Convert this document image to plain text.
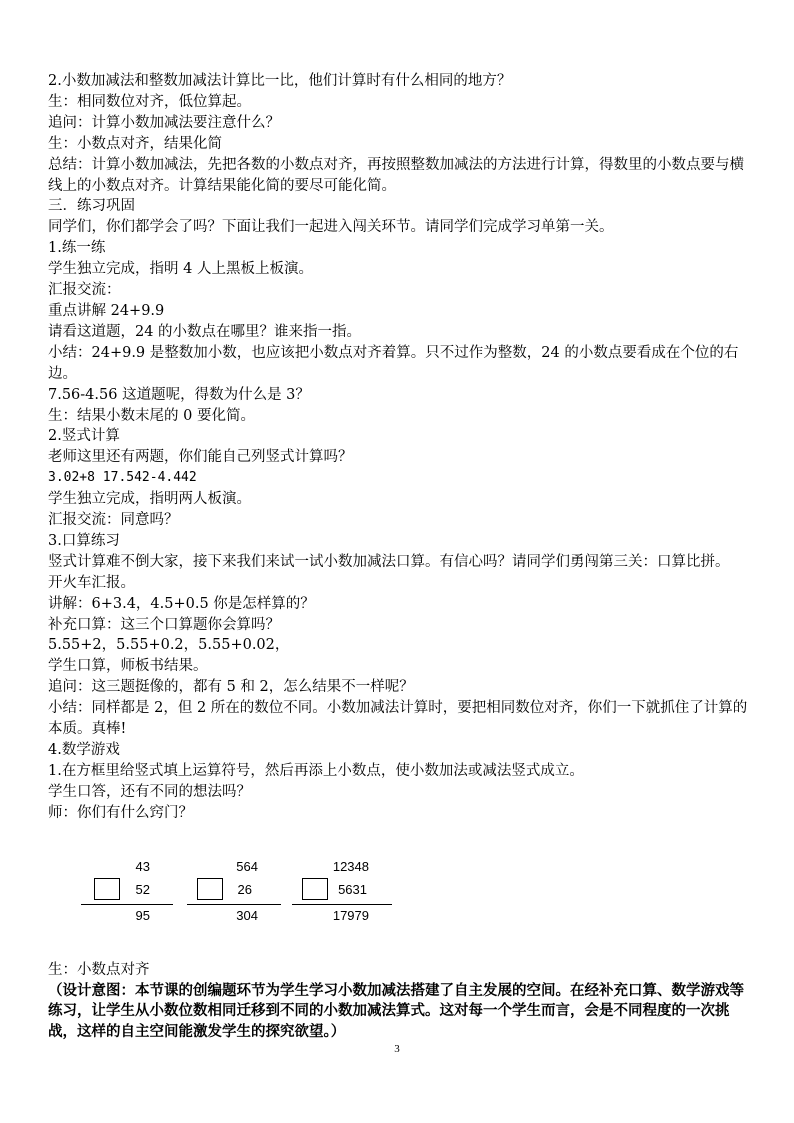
2.小数加减法和整数加减法计算比一比，他们计算时有什么相同的地方？
生：相同数位对齐，低位算起。
追问：计算小数加减法要注意什么？
生：小数点对齐，结果化简
总结：计算小数加减法，先把各数的小数点对齐，再按照整数加减法的方法进行计算，得数里的小数点要与横线上的小数点对齐。计算结果能化简的要尽可能化简。
三．练习巩固
同学们，你们都学会了吗？下面让我们一起进入闯关环节。请同学们完成学习单第一关。
1.练一练
学生独立完成，指明 4 人上黑板上板演。
汇报交流：
重点讲解 24+9.9
请看这道题，24 的小数点在哪里？谁来指一指。
小结：24+9.9 是整数加小数，也应该把小数点对齐着算。只不过作为整数，24 的小数点要看成在个位的右边。
7.56-4.56 这道题呢，得数为什么是 3？
生：结果小数末尾的 0 要化简。
2.竖式计算
老师这里还有两题，你们能自己列竖式计算吗？
3.02+8 17.542-4.442
学生独立完成，指明两人板演。
汇报交流：同意吗？
3.口算练习
竖式计算难不倒大家，接下来我们来试一试小数加减法口算。有信心吗？请同学们勇闯第三关：口算比拼。
开火车汇报。
讲解：6+3.4，4.5+0.5 你是怎样算的？
补充口算：这三个口算题你会算吗？
5.55+2，5.55+0.2，5.55+0.02，
学生口算，师板书结果。
追问：这三题挺像的，都有 5 和 2，怎么结果不一样呢？
小结：同样都是 2，但 2 所在的数位不同。小数加减法计算时，要把相同数位对齐，你们一下就抓住了计算的本质。真棒!
4.数学游戏
1.在方框里给竖式填上运算符号，然后再添上小数点，使小数加法或减法竖式成立。
学生口答，还有不同的想法吗？
师：你们有什么窍门？
43
52
95
564
26
304
12348
5631
17979
生：小数点对齐
（设计意图：本节课的创编题环节为学生学习小数加减法搭建了自主发展的空间。在经补充口算、数学游戏等练习，让学生从小数位数相同迁移到不同的小数加减法算式。这对每一个学生而言，会是不同程度的一次挑战，这样的自主空间能激发学生的探究欲望。）
3
